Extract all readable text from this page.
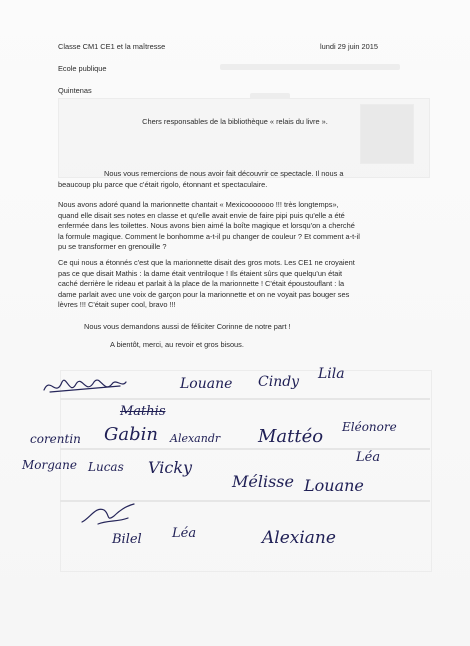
Classe CM1 CE1 et la maîtresse	lundi 29 juin 2015
Ecole publique
Quintenas
Chers responsables de la bibliothèque « relais du livre ».
Nous vous remercions de nous avoir fait découvrir ce spectacle. Il nous a
beaucoup plu parce que c'était rigolo, étonnant et spectaculaire.
Nous avons adoré quand la marionnette chantait « Mexicooooooo !!! très longtemps»,
quand elle disait ses notes en classe et qu'elle avait envie de faire pipi puis qu'elle a été
enfermée dans les toilettes. Nous avons bien aimé la boîte magique et lorsqu'on a cherché
la formule magique. Comment le bonhomme a-t-il pu changer de couleur ? Et comment a-t-il
pu se transformer en grenouille ?
Ce qui nous a étonnés c'est que la marionnette disait des gros mots. Les CE1 ne croyaient
pas ce que disait Mathis : la dame était ventriloque ! Ils étaient sûrs que quelqu'un était
caché derrière le rideau et parlait à la place de la marionnette ! C'était époustouflant : la
dame parlait avec une voix de garçon pour la marionnette et on ne voyait pas bouger ses
lèvres !!! C'était super cool, bravo !!!
Nous vous demandons aussi de féliciter Corinne de notre part !
A bientôt, merci, au revoir et gros bisous.
Louane Cindy Lila
Mathis
corentin Gabin Alexandr Mattéo Eléonore
Morgane Lucas Vicky
Mélisse Louane
Léa
Bilel Léa	Alexiane
